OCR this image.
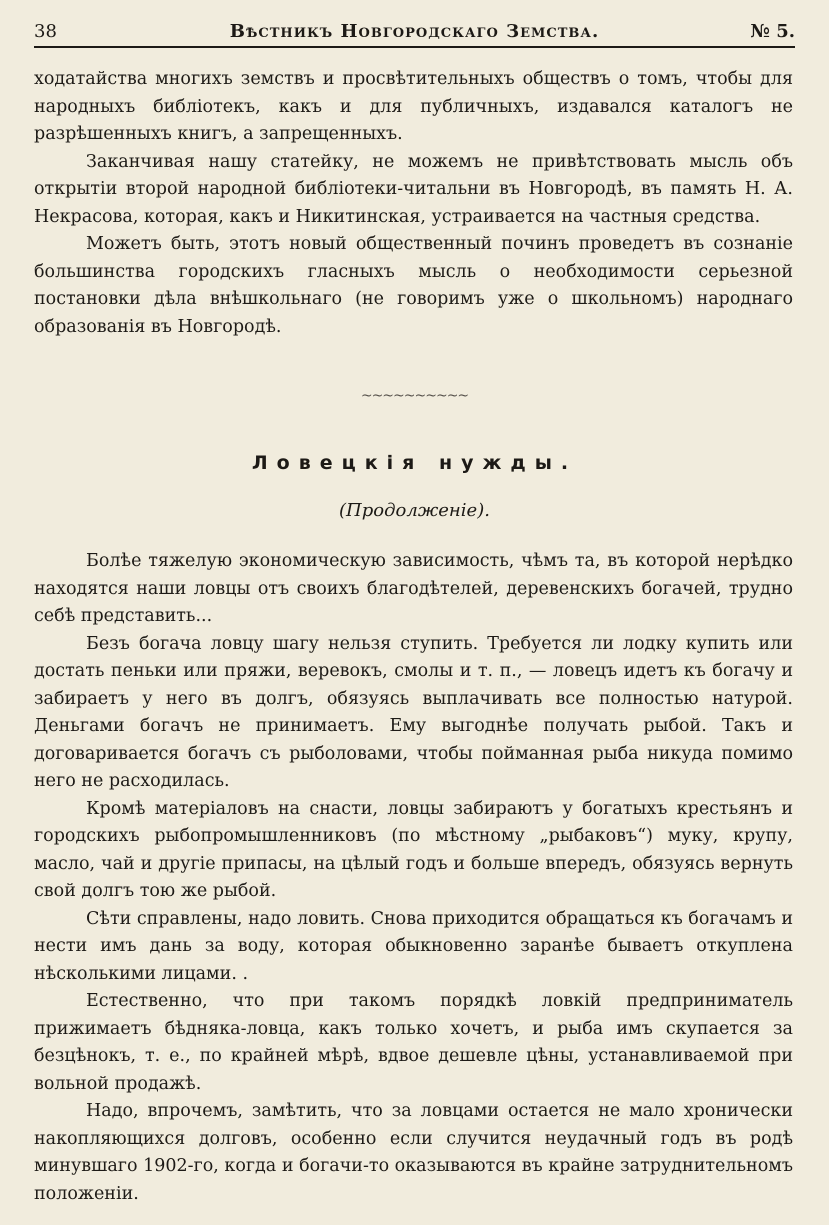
38	Вѣстникъ Новгородскаго Земства.	№ 5.

ходатайства многихъ земствъ и просвѣтительныхъ обществъ о томъ, чтобы для народныхъ библіотекъ, какъ и для публичныхъ, издавался каталогъ не разрѣшенныхъ книгъ, а запрещенныхъ.

Заканчивая нашу статейку, не можемъ не привѣтствовать мысль объ открытіи второй народной библіотеки-читальни въ Новгородѣ, въ память Н. А. Некрасова, которая, какъ и Никитинская, устраивается на частныя средства.

Можетъ быть, этотъ новый общественный починъ проведетъ въ сознаніе большинства городскихъ гласныхъ мысль о необходимости серьезной постановки дѣла внѣшкольнаго (не говоримъ уже о школьномъ) народнаго образованія въ Новгородѣ.

~~~~~~~~~~
Ловецкія нужды.
(Продолженіе).

Болѣе тяжелую экономическую зависимость, чѣмъ та, въ которой нерѣдко находятся наши ловцы отъ своихъ благодѣтелей, деревенскихъ богачей, трудно себѣ представить...

Безъ богача ловцу шагу нельзя ступить. Требуется ли лодку купить или достать пеньки или пряжи, веревокъ, смолы и т. п., — ловецъ идетъ къ богачу и забираетъ у него въ долгъ, обязуясь выплачивать все полностью натурой. Деньгами богачъ не принимаетъ. Ему выгоднѣе получать рыбой. Такъ и договаривается богачъ съ рыболовами, чтобы пойманная рыба никуда помимо него не расходилась.

Кромѣ матеріаловъ на снасти, ловцы забираютъ у богатыхъ крестьянъ и городскихъ рыбопромышленниковъ (по мѣстному „рыбаковъ“) муку, крупу, масло, чай и другіе припасы, на цѣлый годъ и больше впередъ, обязуясь вернуть свой долгъ тою же рыбой.

Сѣти справлены, надо ловить. Снова приходится обращаться къ богачамъ и нести имъ дань за воду, которая обыкновенно заранѣе бываетъ откуплена нѣсколькими лицами. .

Естественно, что при такомъ порядкѣ ловкій предприниматель прижимаетъ бѣдняка-ловца, какъ только хочетъ, и рыба имъ скупается за безцѣнокъ, т. е., по крайней мѣрѣ, вдвое дешевле цѣны, устанавливаемой при вольной продажѣ.

Надо, впрочемъ, замѣтить, что за ловцами остается не мало хронически накопляющихся долговъ, особенно если случится неудачный годъ въ родѣ минувшаго 1902-го, когда и богачи-то оказываются въ крайне затруднительномъ положеніи.
